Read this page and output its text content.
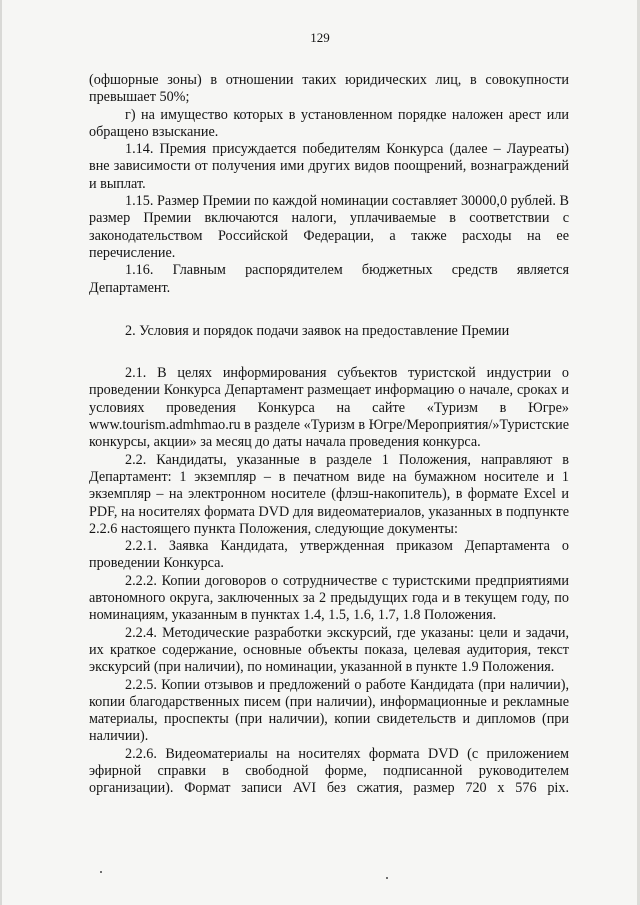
129

(офшорные зоны) в отношении таких юридических лиц, в совокупности превышает 50%;

г) на имущество которых в установленном порядке наложен арест или обращено взыскание.

1.14. Премия присуждается победителям Конкурса (далее – Лауреаты) вне зависимости от получения ими других видов поощрений, вознаграждений и выплат.

1.15. Размер Премии по каждой номинации составляет 30000,0 рублей. В размер Премии включаются налоги, уплачиваемые в соответствии с законодательством Российской Федерации, а также расходы на ее перечисление.

1.16. Главным распорядителем бюджетных средств является Департамент.

2. Условия и порядок подачи заявок на предоставление Премии

2.1. В целях информирования субъектов туристской индустрии о проведении Конкурса Департамент размещает информацию о начале, сроках и условиях проведения Конкурса на сайте «Туризм в Югре» www.tourism.admhmao.ru в разделе «Туризм в Югре/Мероприятия/»Туристские конкурсы, акции» за месяц до даты начала проведения конкурса.

2.2. Кандидаты, указанные в разделе 1 Положения, направляют в Департамент: 1 экземпляр – в печатном виде на бумажном носителе и 1 экземпляр – на электронном носителе (флэш-накопитель), в формате Excel и PDF, на носителях формата DVD для видеоматериалов, указанных в подпункте 2.2.6 настоящего пункта Положения, следующие документы:

2.2.1. Заявка Кандидата, утвержденная приказом Департамента о проведении Конкурса.

2.2.2. Копии договоров о сотрудничестве с туристскими предприятиями автономного округа, заключенных за 2 предыдущих года и в текущем году, по номинациям, указанным в пунктах 1.4, 1.5, 1.6, 1.7, 1.8 Положения.

2.2.4. Методические разработки экскурсий, где указаны: цели и задачи, их краткое содержание, основные объекты показа, целевая аудитория, текст экскурсий (при наличии), по номинации, указанной в пункте 1.9 Положения.

2.2.5. Копии отзывов и предложений о работе Кандидата (при наличии), копии благодарственных писем (при наличии), информационные и рекламные материалы, проспекты (при наличии), копии свидетельств и дипломов (при наличии).

2.2.6. Видеоматериалы на носителях формата DVD (с приложением эфирной справки в свободной форме, подписанной руководителем организации). Формат записи AVI без сжатия, размер 720 x 576 pix.
